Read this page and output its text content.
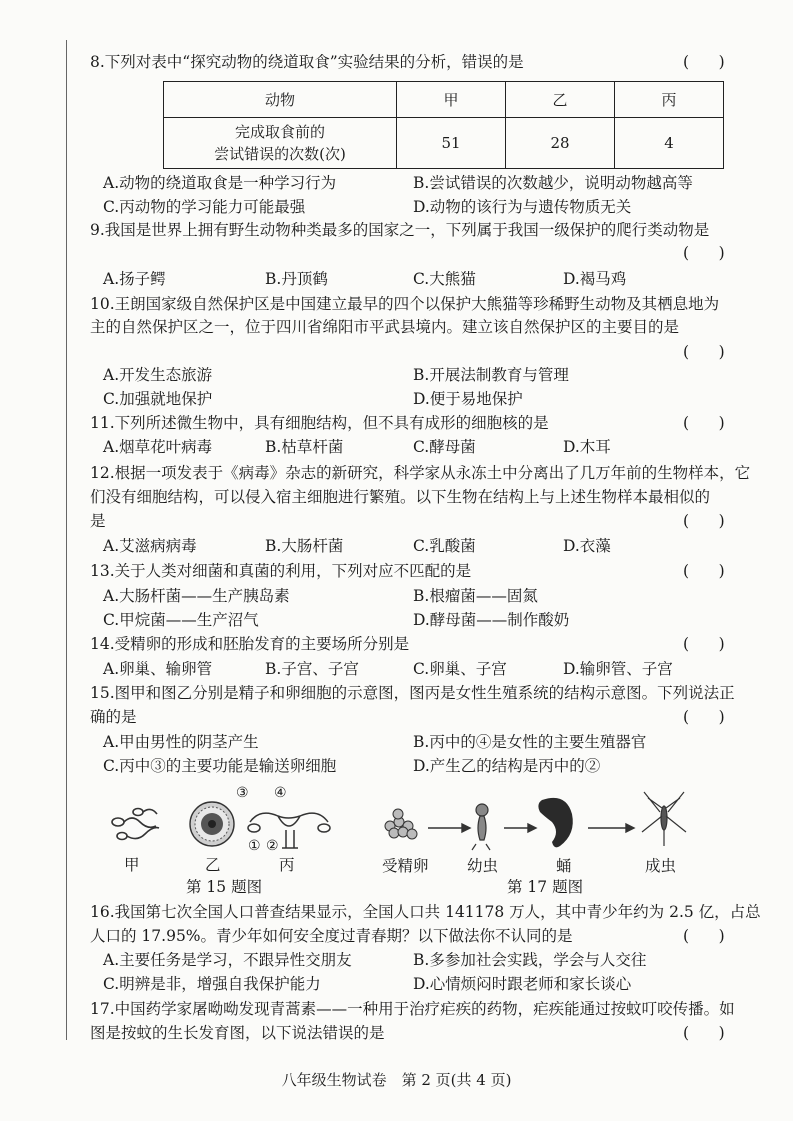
8.下列对表中“探究动物的绕道取食”实验结果的分析，错误的是	(      )
动物	甲	乙	丙

完成取食前的
尝试错误的次数(次)	51	28	4
A.动物的绕道取食是一种学习行为	B.尝试错误的次数越少，说明动物越高等
C.丙动物的学习能力可能最强	D.动物的该行为与遗传物质无关
9.我国是世界上拥有野生动物种类最多的国家之一，下列属于我国一级保护的爬行类动物是
(      )
A.扬子鳄	B.丹顶鹤	C.大熊猫	D.褐马鸡
10.王朗国家级自然保护区是中国建立最早的四个以保护大熊猫等珍稀野生动物及其栖息地为
主的自然保护区之一，位于四川省绵阳市平武县境内。建立该自然保护区的主要目的是
(      )
A.开发生态旅游	B.开展法制教育与管理
C.加强就地保护	D.便于易地保护
11.下列所述微生物中，具有细胞结构，但不具有成形的细胞核的是	(      )
A.烟草花叶病毒	B.枯草杆菌	C.酵母菌	D.木耳
12.根据一项发表于《病毒》杂志的新研究，科学家从永冻土中分离出了几万年前的生物样本，它
们没有细胞结构，可以侵入宿主细胞进行繁殖。以下生物在结构上与上述生物样本最相似的
是	(      )
A.艾滋病病毒	B.大肠杆菌	C.乳酸菌	D.衣藻
13.关于人类对细菌和真菌的利用，下列对应不匹配的是	(      )
A.大肠杆菌——生产胰岛素	B.根瘤菌——固氮
C.甲烷菌——生产沼气	D.酵母菌——制作酸奶
14.受精卵的形成和胚胎发育的主要场所分别是	(      )
A.卵巢、输卵管	B.子宫、子宫	C.卵巢、子宫	D.输卵管、子宫
15.图甲和图乙分别是精子和卵细胞的示意图，图丙是女性生殖系统的结构示意图。下列说法正
确的是	(      )
A.甲由男性的阴茎产生	B.丙中的④是女性的主要生殖器官
C.丙中③的主要功能是输送卵细胞	D.产生乙的结构是丙中的②
③ ④
① ②
甲	乙	丙
第 15 题图
受精卵 幼虫	蛹	成虫
第 17 题图
16.我国第七次全国人口普查结果显示，全国人口共 141178 万人，其中青少年约为 2.5 亿，占总
人口的 17.95%。青少年如何安全度过青春期？以下做法你不认同的是	(      )
A.主要任务是学习，不跟异性交朋友	B.多参加社会实践，学会与人交往
C.明辨是非，增强自我保护能力	D.心情烦闷时跟老师和家长谈心
17.中国药学家屠呦呦发现青蒿素——一种用于治疗疟疾的药物，疟疾能通过按蚊叮咬传播。如
图是按蚊的生长发育图，以下说法错误的是	(      )
八年级生物试卷　第 2 页(共 4 页)
